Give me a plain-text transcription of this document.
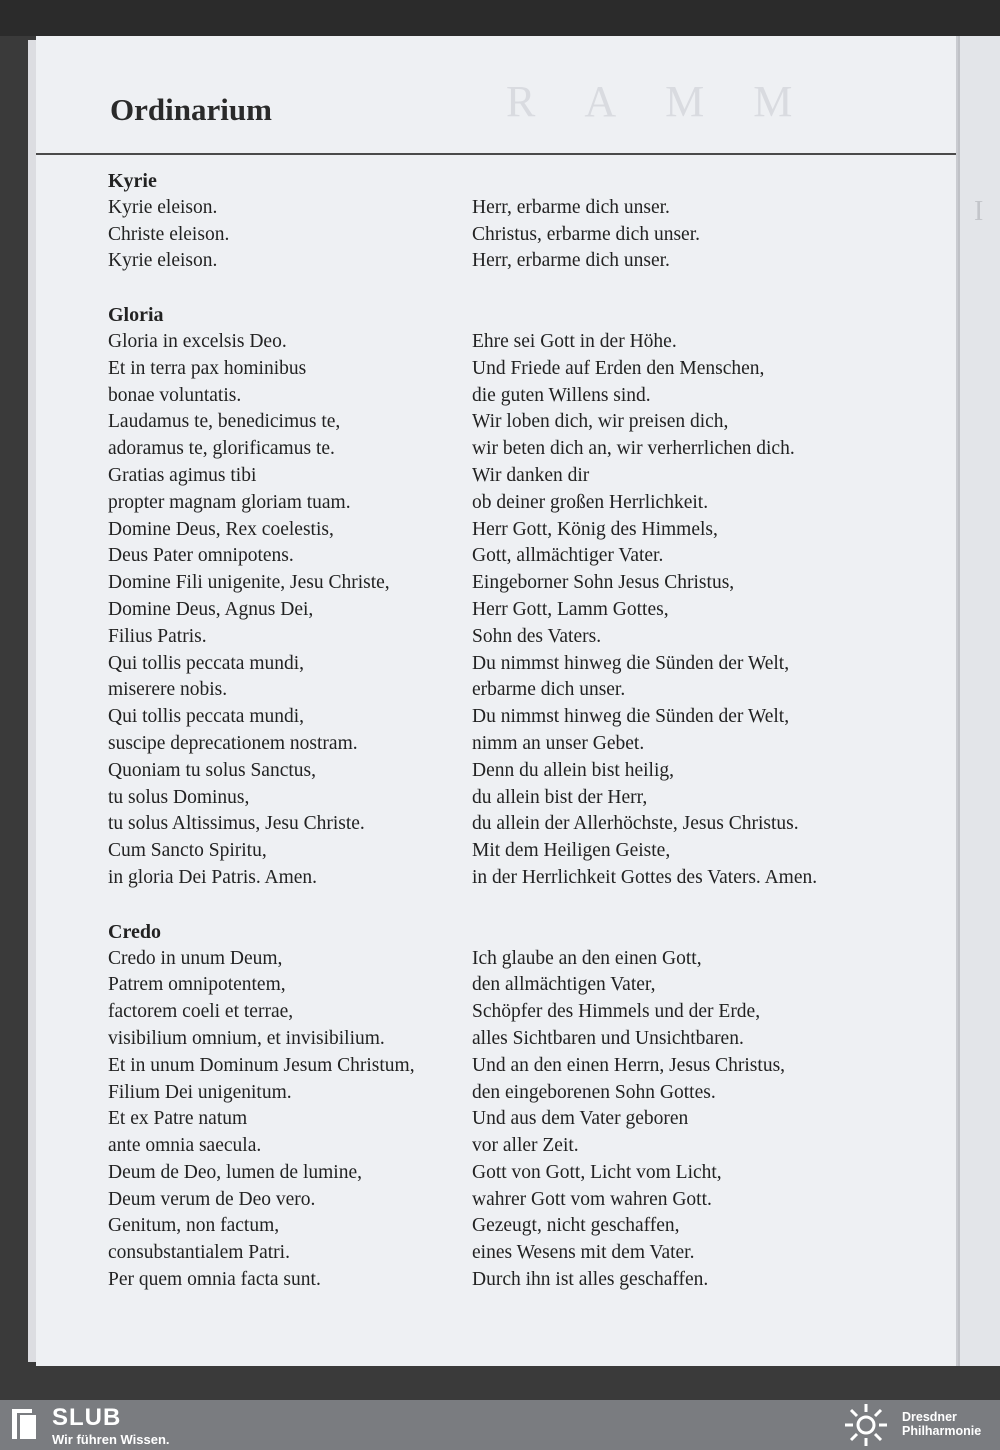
I
R   A   M   M
Ordinarium
Kyrie
Kyrie eleison.	Herr, erbarme dich unser.
Christe eleison.	Christus, erbarme dich unser.
Kyrie eleison.	Herr, erbarme dich unser.
Gloria
Gloria in excelsis Deo.	Ehre sei Gott in der Höhe.
Et in terra pax hominibus	Und Friede auf Erden den Menschen,
bonae voluntatis.	die guten Willens sind.
Laudamus te, benedicimus te,	Wir loben dich, wir preisen dich,
adoramus te, glorificamus te.	wir beten dich an, wir verherrlichen dich.
Gratias agimus tibi	Wir danken dir
propter magnam gloriam tuam.	ob deiner großen Herrlichkeit.
Domine Deus, Rex coelestis,	Herr Gott, König des Himmels,
Deus Pater omnipotens.	Gott, allmächtiger Vater.
Domine Fili unigenite, Jesu Christe,	Eingeborner Sohn Jesus Christus,
Domine Deus, Agnus Dei,	Herr Gott, Lamm Gottes,
Filius Patris.	Sohn des Vaters.
Qui tollis peccata mundi,	Du nimmst hinweg die Sünden der Welt,
miserere nobis.	erbarme dich unser.
Qui tollis peccata mundi,	Du nimmst hinweg die Sünden der Welt,
suscipe deprecationem nostram.	nimm an unser Gebet.
Quoniam tu solus Sanctus,	Denn du allein bist heilig,
tu solus Dominus,	du allein bist der Herr,
tu solus Altissimus, Jesu Christe.	du allein der Allerhöchste, Jesus Christus.
Cum Sancto Spiritu,	Mit dem Heiligen Geiste,
in gloria Dei Patris. Amen.	in der Herrlichkeit Gottes des Vaters. Amen.
Credo
Credo in unum Deum,	Ich glaube an den einen Gott,
Patrem omnipotentem,	den allmächtigen Vater,
factorem coeli et terrae,	Schöpfer des Himmels und der Erde,
visibilium omnium, et invisibilium.	alles Sichtbaren und Unsichtbaren.
Et in unum Dominum Jesum Christum,	Und an den einen Herrn, Jesus Christus,
Filium Dei unigenitum.	den eingeborenen Sohn Gottes.
Et ex Patre natum	Und aus dem Vater geboren
ante omnia saecula.	vor aller Zeit.
Deum de Deo, lumen de lumine,	Gott von Gott, Licht vom Licht,
Deum verum de Deo vero.	wahrer Gott vom wahren Gott.
Genitum, non factum,	Gezeugt, nicht geschaffen,
consubstantialem Patri.	eines Wesens mit dem Vater.
Per quem omnia facta sunt.	Durch ihn ist alles geschaffen.
SLUB
Wir führen Wissen.
Dresdner
Philharmonie
